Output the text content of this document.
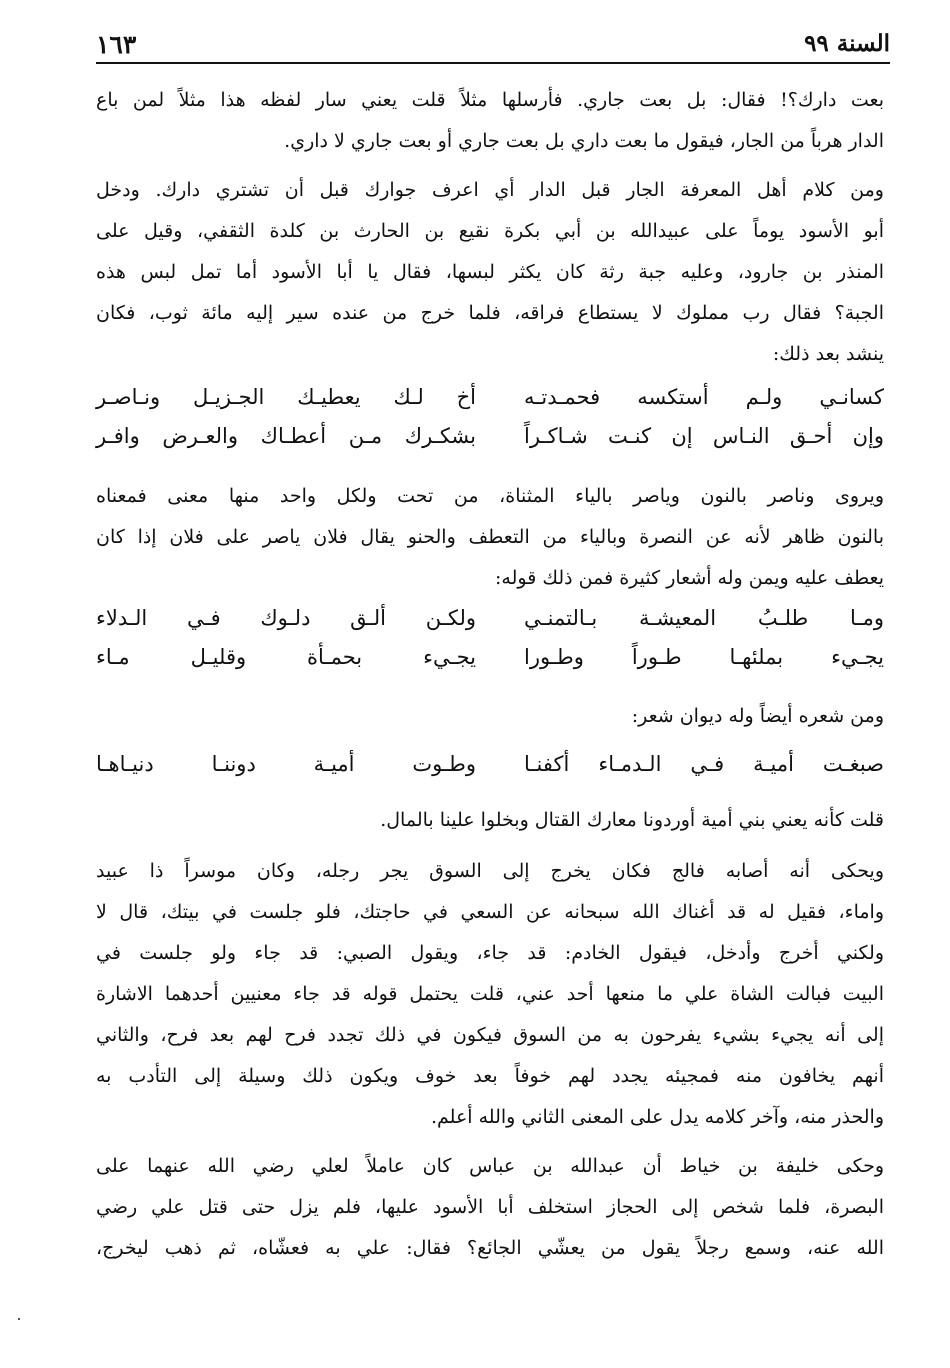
١٦٣	السنة ٩٩
بعت دارك؟! فقال: بل بعت جاري. فأرسلها مثلاً قلت يعني سار لفظه هذا مثلاً لمن باع
الدار هرباً من الجار، فيقول ما بعت داري بل بعت جاري أو بعت جاري لا داري.
ومن كلام أهل المعرفة الجار قبل الدار أي اعرف جوارك قبل أن تشتري دارك. ودخل
أبو الأسود يوماً على عبيدالله بن أبي بكرة نقيع بن الحارث بن كلدة الثقفي، وقيل على
المنذر بن جارود، وعليه جبة رثة كان يكثر لبسها، فقال يا أبا الأسود أما تمل لبس هذه
الجبة؟ فقال رب مملوك لا يستطاع فراقه، فلما خرج من عنده سير إليه مائة ثوب، فكان
ينشد بعد ذلك:
كسانـي ولـم أستكسه فحمـدتـه
أخ لـك يعطيـك الجـزيـل ونـاصـر
وإن أحـق النـاس إن كنـت شـاكـراً
بشكـرك مـن أعطـاك والعـرض وافـر
ويروى وناصر بالنون وياصر بالياء المثناة، من تحت ولكل واحد منها معنى فمعناه
بالنون ظاهر لأنه عن النصرة وبالياء من التعطف والحنو يقال فلان ياصر على فلان إذا كان
يعطف عليه ويمن وله أشعار كثيرة فمن ذلك قوله:
ومـا طلـبُ المعيشـة بـالتمنـي
ولكـن ألـق دلـوك فـي الـدلاء
يجـيء بملئهـا طـوراً وطـورا
يجـيء بحمـأة وقليـل مـاء
ومن شعره أيضاً وله ديوان شعر:
صبغـت أميـة فـي الـدمـاء أكفنـا
وطـوت أميـة دوننـا دنيـاهـا
قلت كأنه يعني بني أمية أوردونا معارك القتال وبخلوا علينا بالمال.
ويحكى أنه أصابه فالج فكان يخرج إلى السوق يجر رجله، وكان موسراً ذا عبيد
واماء، فقيل له قد أغناك الله سبحانه عن السعي في حاجتك، فلو جلست في بيتك، قال لا
ولكني أخرج وأدخل، فيقول الخادم: قد جاء، ويقول الصبي: قد جاء ولو جلست في
البيت فبالت الشاة علي ما منعها أحد عني، قلت يحتمل قوله قد جاء معنيين أحدهما الاشارة
إلى أنه يجيء بشيء يفرحون به من السوق فيكون في ذلك تجدد فرح لهم بعد فرح، والثاني
أنهم يخافون منه فمجيئه يجدد لهم خوفاً بعد خوف ويكون ذلك وسيلة إلى التأدب به
والحذر منه، وآخر كلامه يدل على المعنى الثاني والله أعلم.
وحكى خليفة بن خياط أن عبدالله بن عباس كان عاملاً لعلي رضي الله عنهما على
البصرة، فلما شخص إلى الحجاز استخلف أبا الأسود عليها، فلم يزل حتى قتل علي رضي
الله عنه، وسمع رجلاً يقول من يعشّي الجائع؟ فقال: علي به فعشّاه، ثم ذهب ليخرج،
